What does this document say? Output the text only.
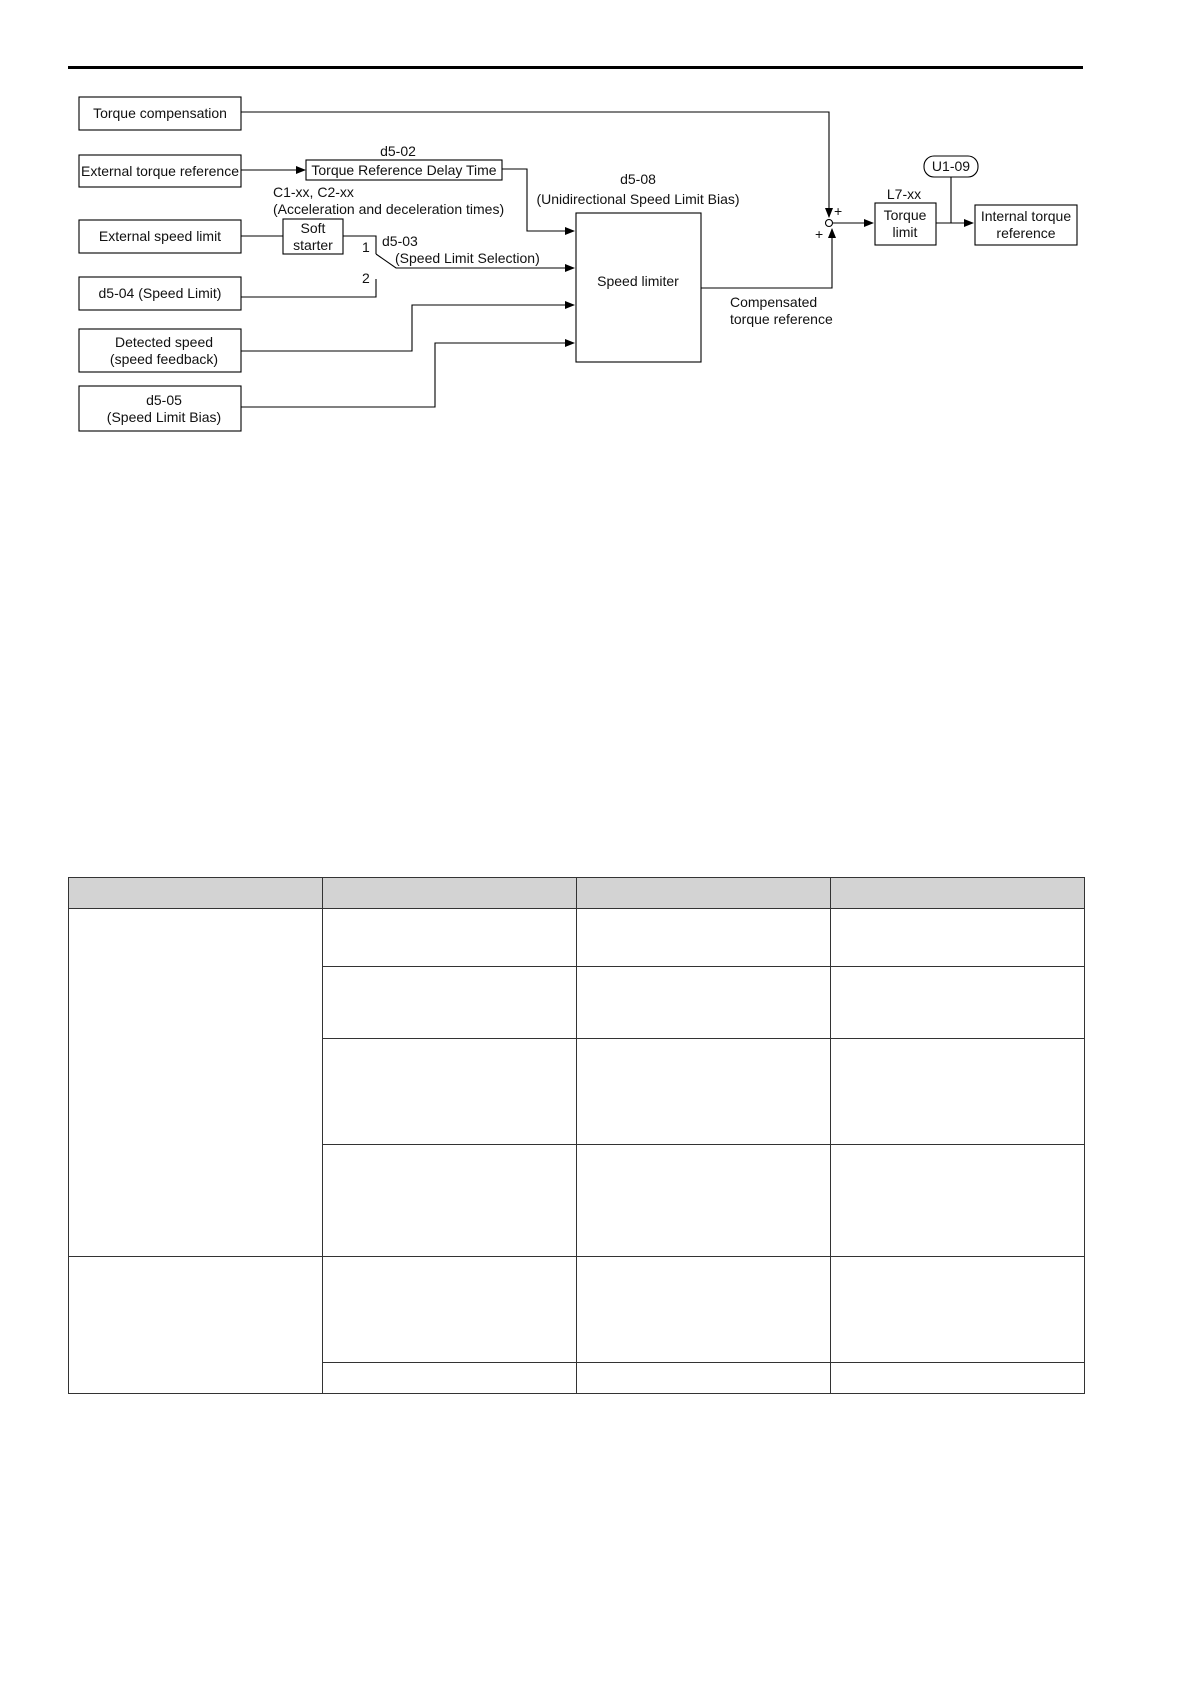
Torque compensation
External torque reference
External speed limit
d5-04 (Speed Limit)
Detected speed
(speed feedback)
d5-05
(Speed Limit Bias)
d5-02
Torque Reference Delay Time
C1-xx, C2-xx
(Acceleration and deceleration times)
Soft
starter	d5-03
(Speed Limit Selection)
1
2
d5-08
(Unidirectional Speed Limit Bias)
Speed limiter
Compensated
torque reference
+
+
L7-xx
Torque
limit
U1-09
Internal torque
reference
